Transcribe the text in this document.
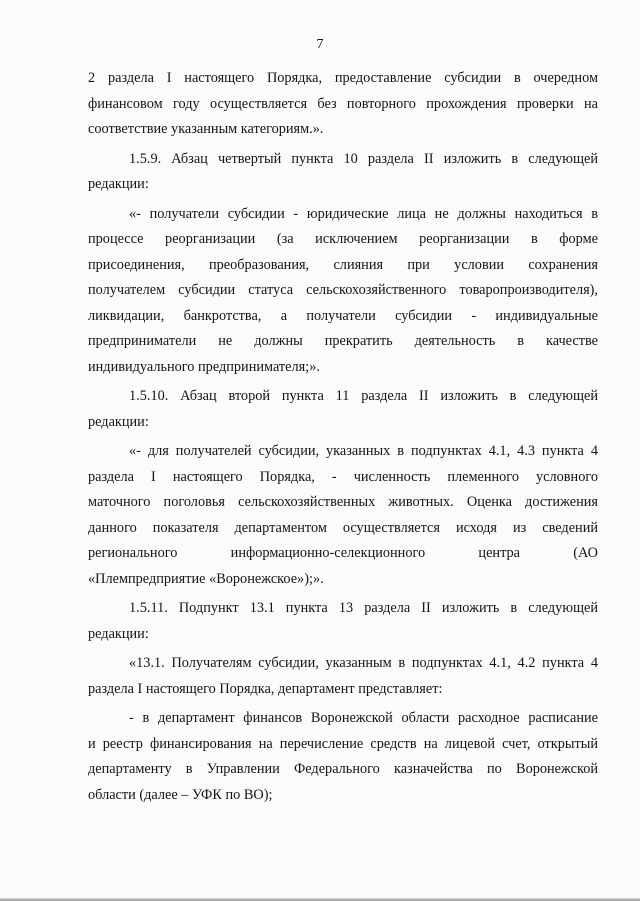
7
2 раздела I настоящего Порядка, предоставление субсидии в очередном
финансовом году осуществляется без повторного прохождения проверки на
соответствие указанным категориям.».
1.5.9. Абзац четвертый пункта 10 раздела II изложить в следующей
редакции:
«- получатели субсидии - юридические лица не должны находиться в
процессе реорганизации (за исключением реорганизации в форме
присоединения, преобразования, слияния при условии сохранения
получателем субсидии статуса сельскохозяйственного товаропроизводителя),
ликвидации, банкротства, а получатели субсидии - индивидуальные
предприниматели не должны прекратить деятельность в качестве
индивидуального предпринимателя;».
1.5.10. Абзац второй пункта 11 раздела II изложить в следующей
редакции:
«- для получателей субсидии, указанных в подпунктах 4.1, 4.3 пункта 4
раздела I настоящего Порядка, - численность племенного условного
маточного поголовья сельскохозяйственных животных. Оценка достижения
данного показателя департаментом осуществляется исходя из сведений
регионального информационно-селекционного центра (АО
«Племпредприятие «Воронежское»);».
1.5.11. Подпункт 13.1 пункта 13 раздела II изложить в следующей
редакции:
«13.1. Получателям субсидии, указанным в подпунктах 4.1, 4.2 пункта 4
раздела I настоящего Порядка, департамент представляет:
- в департамент финансов Воронежской области расходное расписание
и реестр финансирования на перечисление средств на лицевой счет, открытый
департаменту в Управлении Федерального казначейства по Воронежской
области (далее – УФК по ВО);
